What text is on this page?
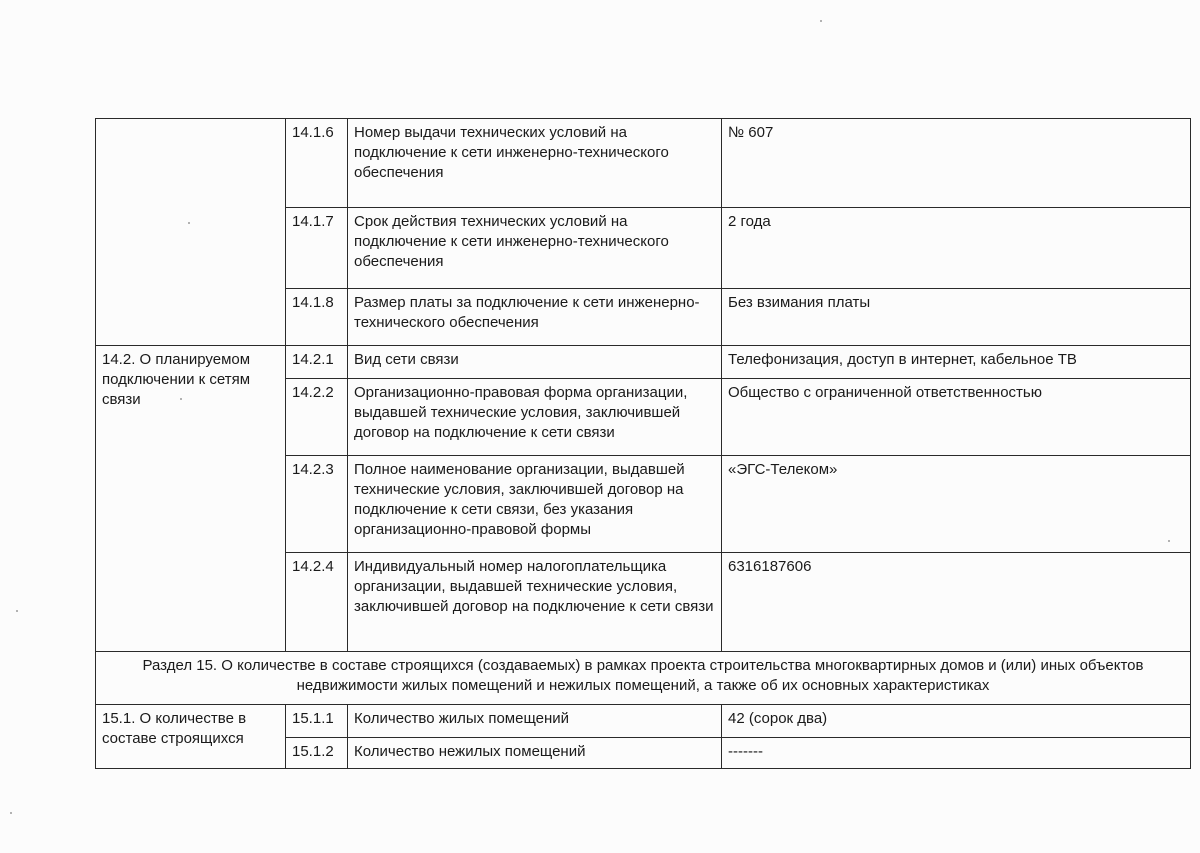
	14.1.6	Номер выдачи технических условий на подключение к сети инженерно-технического обеспечения	№ 607
	14.1.7	Срок действия технических условий на подключение к сети инженерно-технического обеспечения	2 года
	14.1.8	Размер платы за подключение к сети инженерно-технического обеспечения	Без взимания платы
14.2. О планируемом подключении к сетям связи	14.2.1	Вид сети связи	Телефонизация, доступ в интернет, кабельное ТВ
	14.2.2	Организационно-правовая форма организации, выдавшей технические условия, заключившей договор на подключение к сети связи	Общество с ограниченной ответственностью
	14.2.3	Полное наименование организации, выдавшей технические условия, заключившей договор на подключение к сети связи, без указания организационно-правовой формы	«ЭГС-Телеком»
	14.2.4	Индивидуальный номер налогоплательщика организации, выдавшей технические условия, заключившей договор на подключение к сети связи	6316187606
Раздел 15. О количестве в составе строящихся (создаваемых) в рамках проекта строительства многоквартирных домов и (или) иных объектов недвижимости жилых помещений и нежилых помещений, а также об их основных характеристиках			
15.1. О количестве в составе строящихся	15.1.1	Количество жилых помещений	42 (сорок два)
	15.1.2	Количество нежилых помещений	-------
